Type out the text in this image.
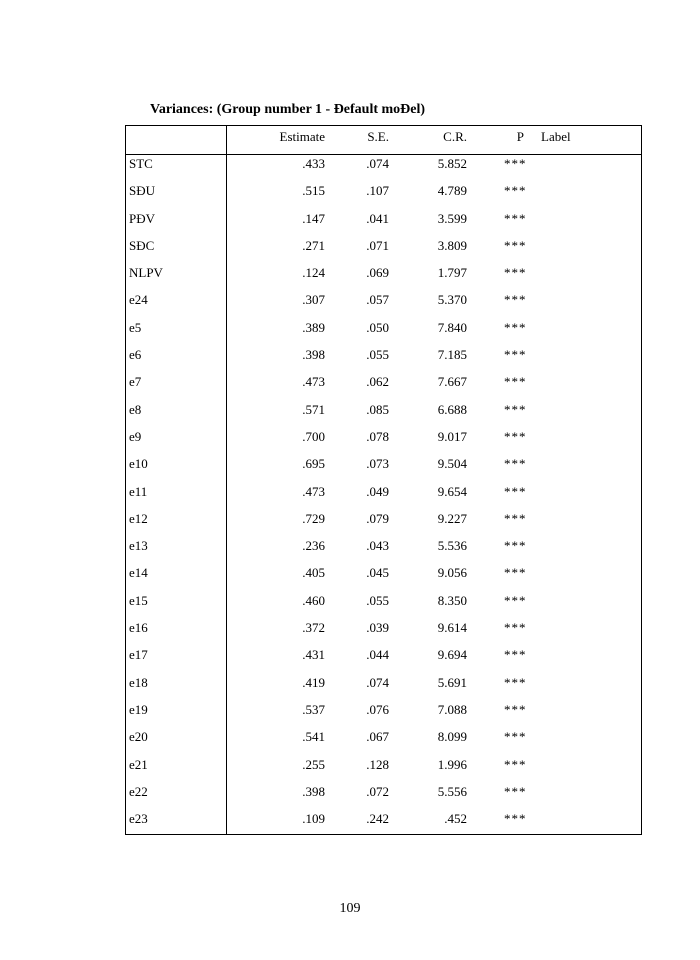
Variances: (Group number 1 - Ðefault moÐel)
Estimate	S.E.	C.R.	P Label
STC	.433	.074	5.852	***
SĐU	.515	.107	4.789	***
PĐV	.147	.041	3.599	***
SĐC	.271	.071	3.809	***
NLPV	.124	.069	1.797	***
e24	.307	.057	5.370	***
e5	.389	.050	7.840	***
e6	.398	.055	7.185	***
e7	.473	.062	7.667	***
e8	.571	.085	6.688	***
e9	.700	.078	9.017	***
e10	.695	.073	9.504	***
e11	.473	.049	9.654	***
e12	.729	.079	9.227	***
e13	.236	.043	5.536	***
e14	.405	.045	9.056	***
e15	.460	.055	8.350	***
e16	.372	.039	9.614	***
e17	.431	.044	9.694	***
e18	.419	.074	5.691	***
e19	.537	.076	7.088	***
e20	.541	.067	8.099	***
e21	.255	.128	1.996	***
e22	.398	.072	5.556	***
e23	.109	.242	.452	***
109
